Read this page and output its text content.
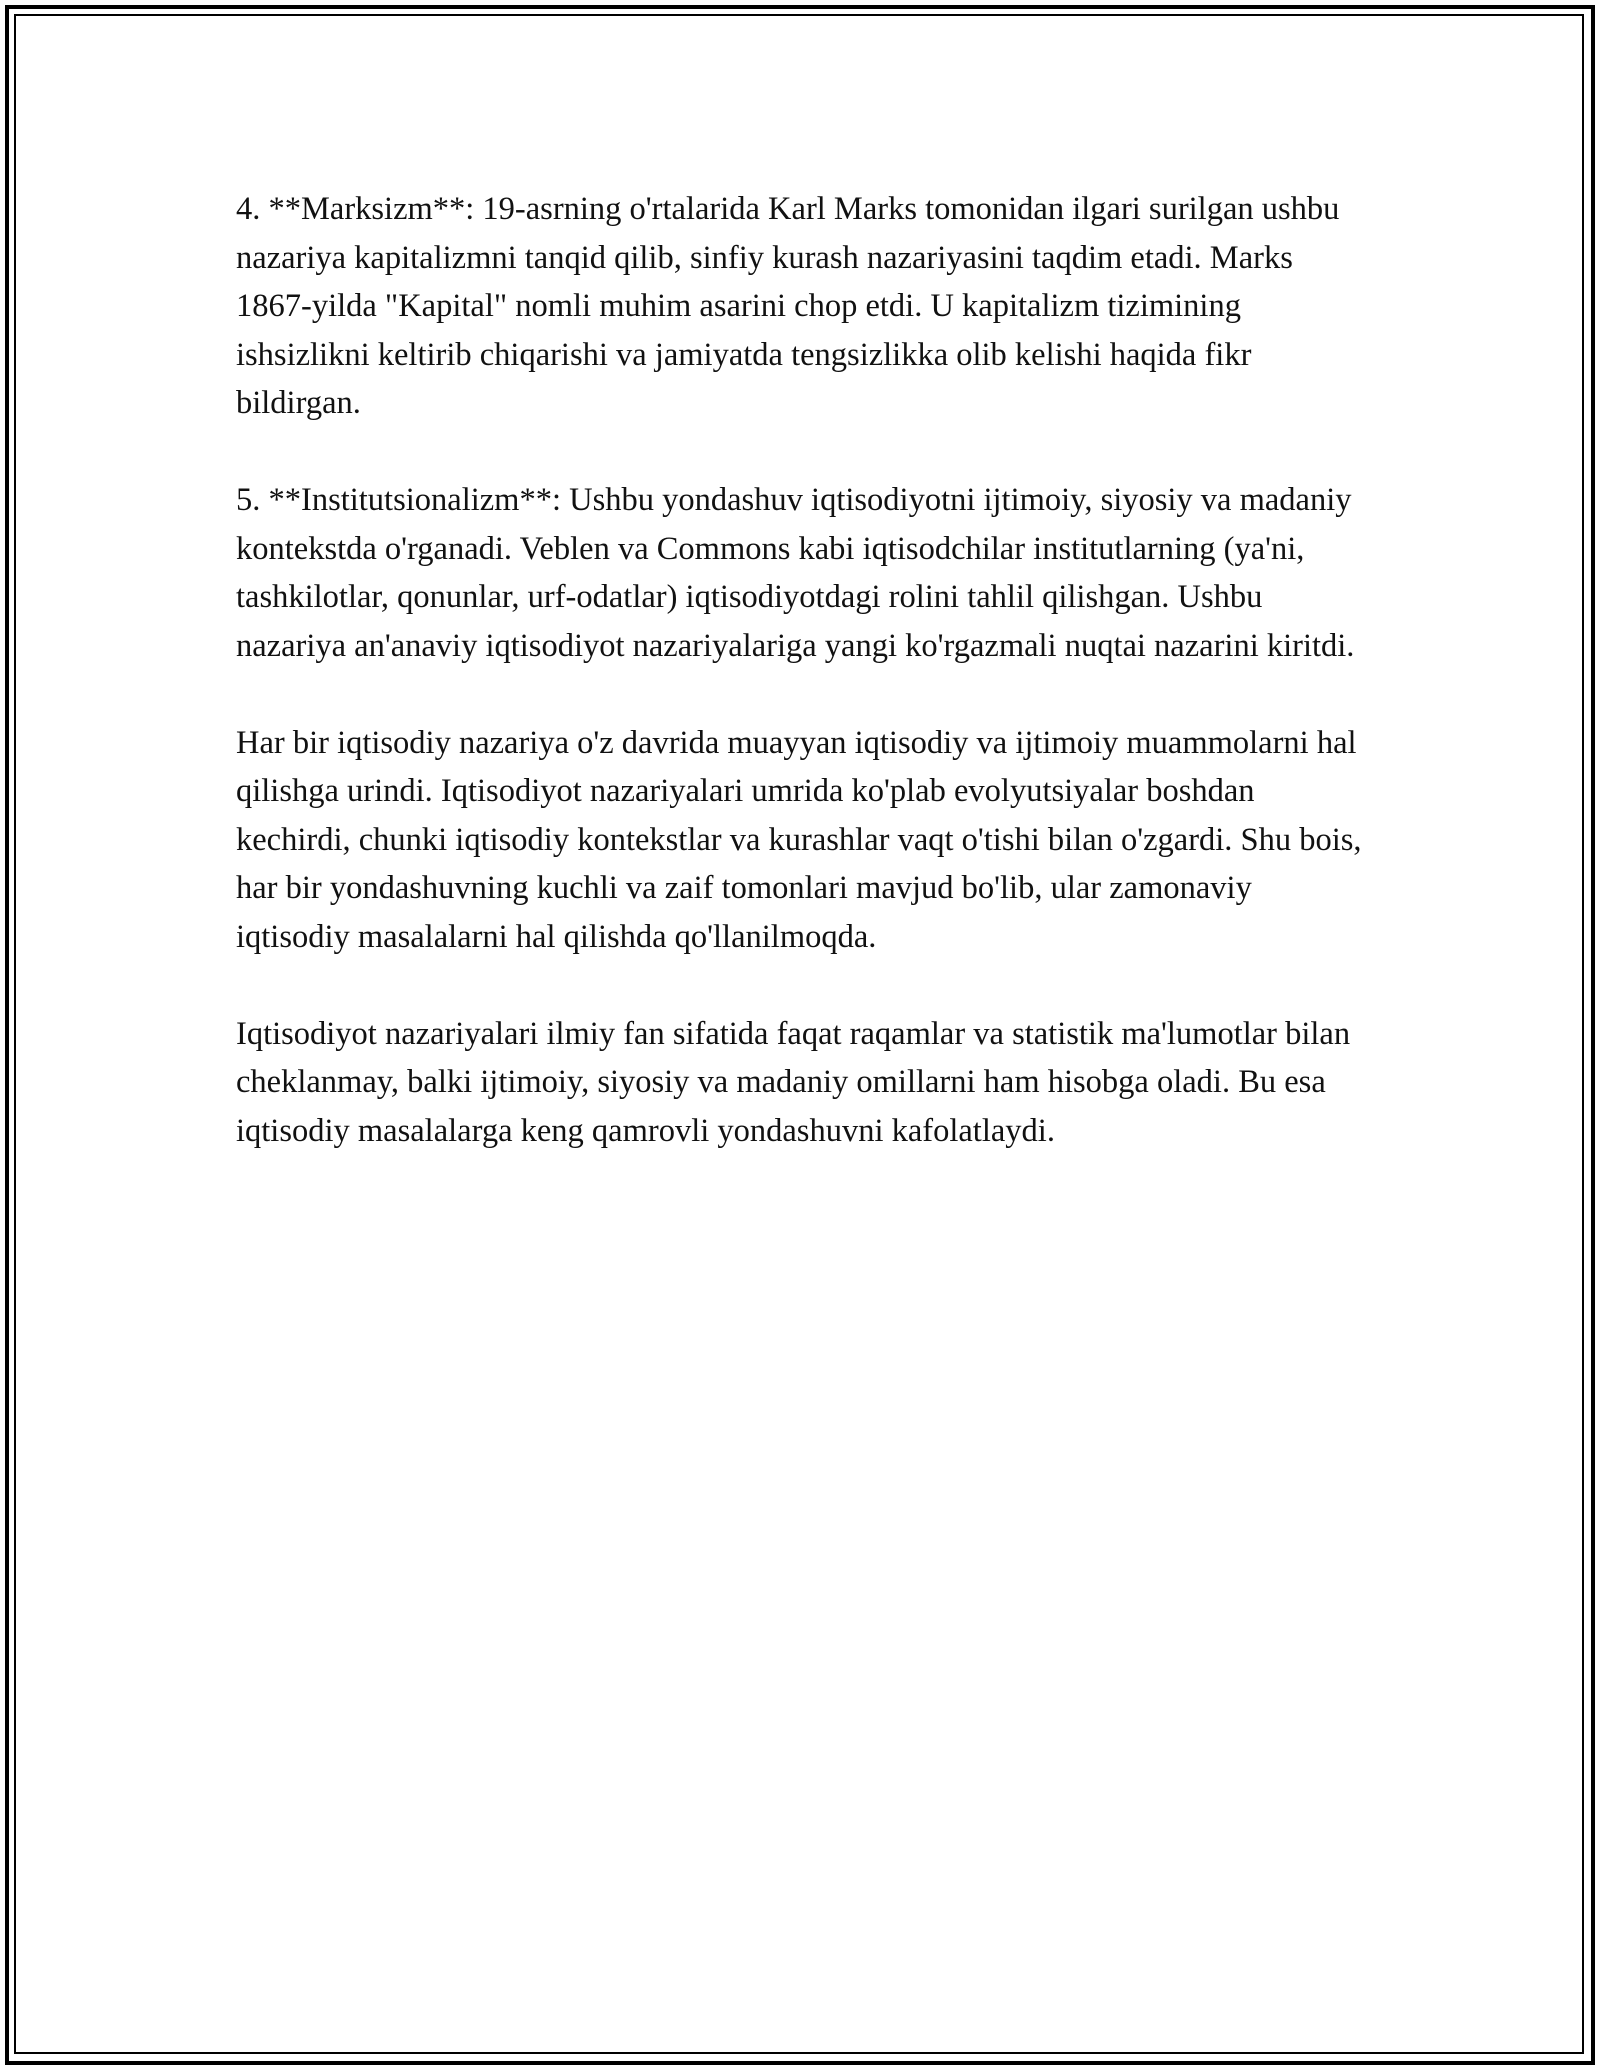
4. **Marksizm**: 19-asrning o'rtalarida Karl Marks tomonidan ilgari surilgan ushbu nazariya kapitalizmni tanqid qilib, sinfiy kurash nazariyasini taqdim etadi. Marks 1867-yilda "Kapital" nomli muhim asarini chop etdi. U kapitalizm tizimining ishsizlikni keltirib chiqarishi va jamiyatda tengsizlikka olib kelishi haqida fikr bildirgan.

5. **Institutsionalizm**: Ushbu yondashuv iqtisodiyotni ijtimoiy, siyosiy va madaniy kontekstda o'rganadi. Veblen va Commons kabi iqtisodchilar institutlarning (ya'ni, tashkilotlar, qonunlar, urf-odatlar) iqtisodiyotdagi rolini tahlil qilishgan. Ushbu nazariya an'anaviy iqtisodiyot nazariyalariga yangi ko'rgazmali nuqtai nazarini kiritdi.

Har bir iqtisodiy nazariya o'z davrida muayyan iqtisodiy va ijtimoiy muammolarni hal qilishga urindi. Iqtisodiyot nazariyalari umrida ko'plab evolyutsiyalar boshdan kechirdi, chunki iqtisodiy kontekstlar va kurashlar vaqt o'tishi bilan o'zgardi. Shu bois, har bir yondashuvning kuchli va zaif tomonlari mavjud bo'lib, ular zamonaviy iqtisodiy masalalarni hal qilishda qo'llanilmoqda.

Iqtisodiyot nazariyalari ilmiy fan sifatida faqat raqamlar va statistik ma'lumotlar bilan cheklanmay, balki ijtimoiy, siyosiy va madaniy omillarni ham hisobga oladi. Bu esa iqtisodiy masalalarga keng qamrovli yondashuvni kafolatlaydi.
